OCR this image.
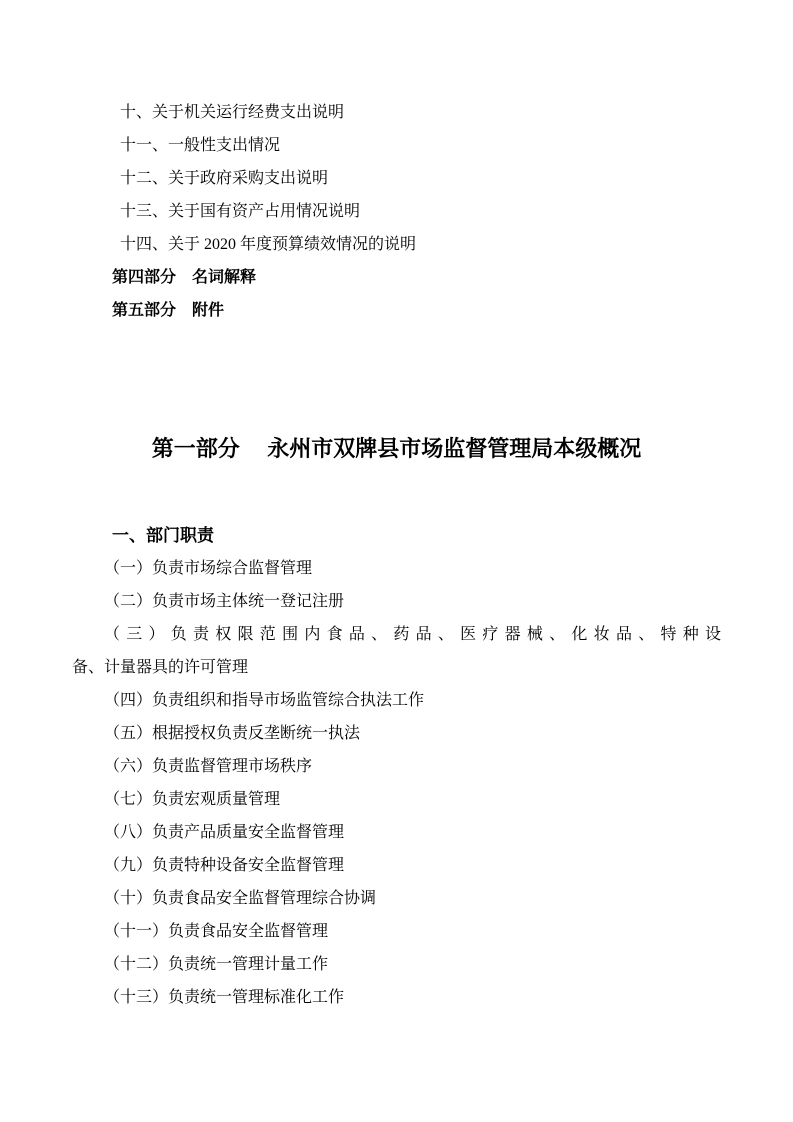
十、关于机关运行经费支出说明

十一、一般性支出情况

十二、关于政府采购支出说明

十三、关于国有资产占用情况说明

十四、关于 2020 年度预算绩效情况的说明

第四部分　名词解释

第五部分　附件

第一部分　 永州市双牌县市场监督管理局本级概况

一、部门职责

（一）负责市场综合监督管理

（二）负责市场主体统一登记注册

（三）负责权限范围内食品、药品、医疗器械、化妆品、特种设

备、计量器具的许可管理

（四）负责组织和指导市场监管综合执法工作

（五）根据授权负责反垄断统一执法

（六）负责监督管理市场秩序

（七）负责宏观质量管理

（八）负责产品质量安全监督管理

（九）负责特种设备安全监督管理

（十）负责食品安全监督管理综合协调

（十一）负责食品安全监督管理

（十二）负责统一管理计量工作

（十三）负责统一管理标准化工作
